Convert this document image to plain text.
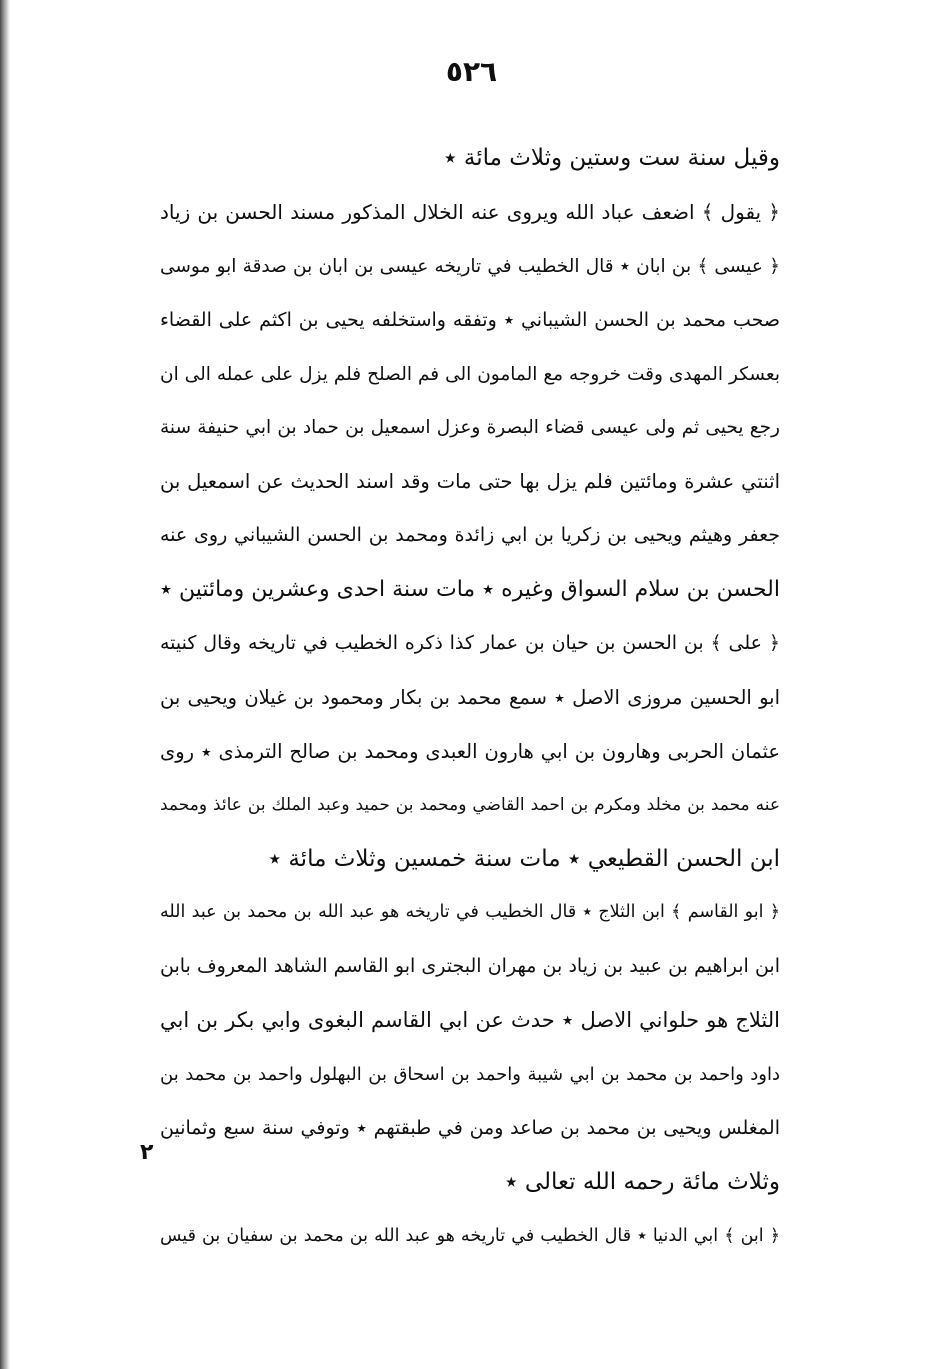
٥٢٦
وقيل سنة ست وستين وثلاث مائة ٭
﴿ يقول ﴾ اضعف عباد الله ويروى عنه الخلال المذكور مسند الحسن بن زياد
﴿ عيسى ﴾ بن ابان ٭ قال الخطيب في تاريخه عيسى بن ابان بن صدقة ابو موسى
صحب محمد بن الحسن الشيباني ٭ وتفقه واستخلفه يحيى بن اكثم على القضاء
بعسكر المهدى وقت خروجه مع المامون الى فم الصلح فلم يزل على عمله الى ان
رجع يحيى ثم ولى عيسى قضاء البصرة وعزل اسمعيل بن حماد بن ابي حنيفة سنة
اثنتي عشرة ومائتين فلم يزل بها حتى مات وقد اسند الحديث عن اسمعيل بن
جعفر وهيثم ويحيى بن زكريا بن ابي زائدة ومحمد بن الحسن الشيباني روى عنه
الحسن بن سلام السواق وغيره ٭ مات سنة احدى وعشرين ومائتين ٭
﴿ على ﴾ بن الحسن بن حيان بن عمار كذا ذكره الخطيب في تاريخه وقال كنيته
ابو الحسين مروزى الاصل ٭ سمع محمد بن بكار ومحمود بن غيلان ويحيى بن
عثمان الحربى وهارون بن ابي هارون العبدى ومحمد بن صالح الترمذى ٭ روى
عنه محمد بن مخلد ومكرم بن احمد القاضي ومحمد بن حميد وعبد الملك بن عائذ ومحمد
ابن الحسن القطيعي ٭ مات سنة خمسين وثلاث مائة ٭
﴿ ابو القاسم ﴾ ابن الثلاج ٭ قال الخطيب في تاريخه هو عبد الله بن محمد بن عبد الله
ابن ابراهيم بن عبيد بن زياد بن مهران البجترى ابو القاسم الشاهد المعروف بابن
الثلاج هو حلواني الاصل ٭ حدث عن ابي القاسم البغوى وابي بكر بن ابي
داود واحمد بن محمد بن ابي شيبة واحمد بن اسحاق بن البهلول واحمد بن محمد بن
المغلس ويحيى بن محمد بن صاعد ومن في طبقتهم ٭ وتوفي سنة سبع وثمانين
وثلاث مائة رحمه الله تعالى ٭
﴿ ابن ﴾ ابي الدنيا ٭ قال الخطيب في تاريخه هو عبد الله بن محمد بن سفيان بن قيس
٢
